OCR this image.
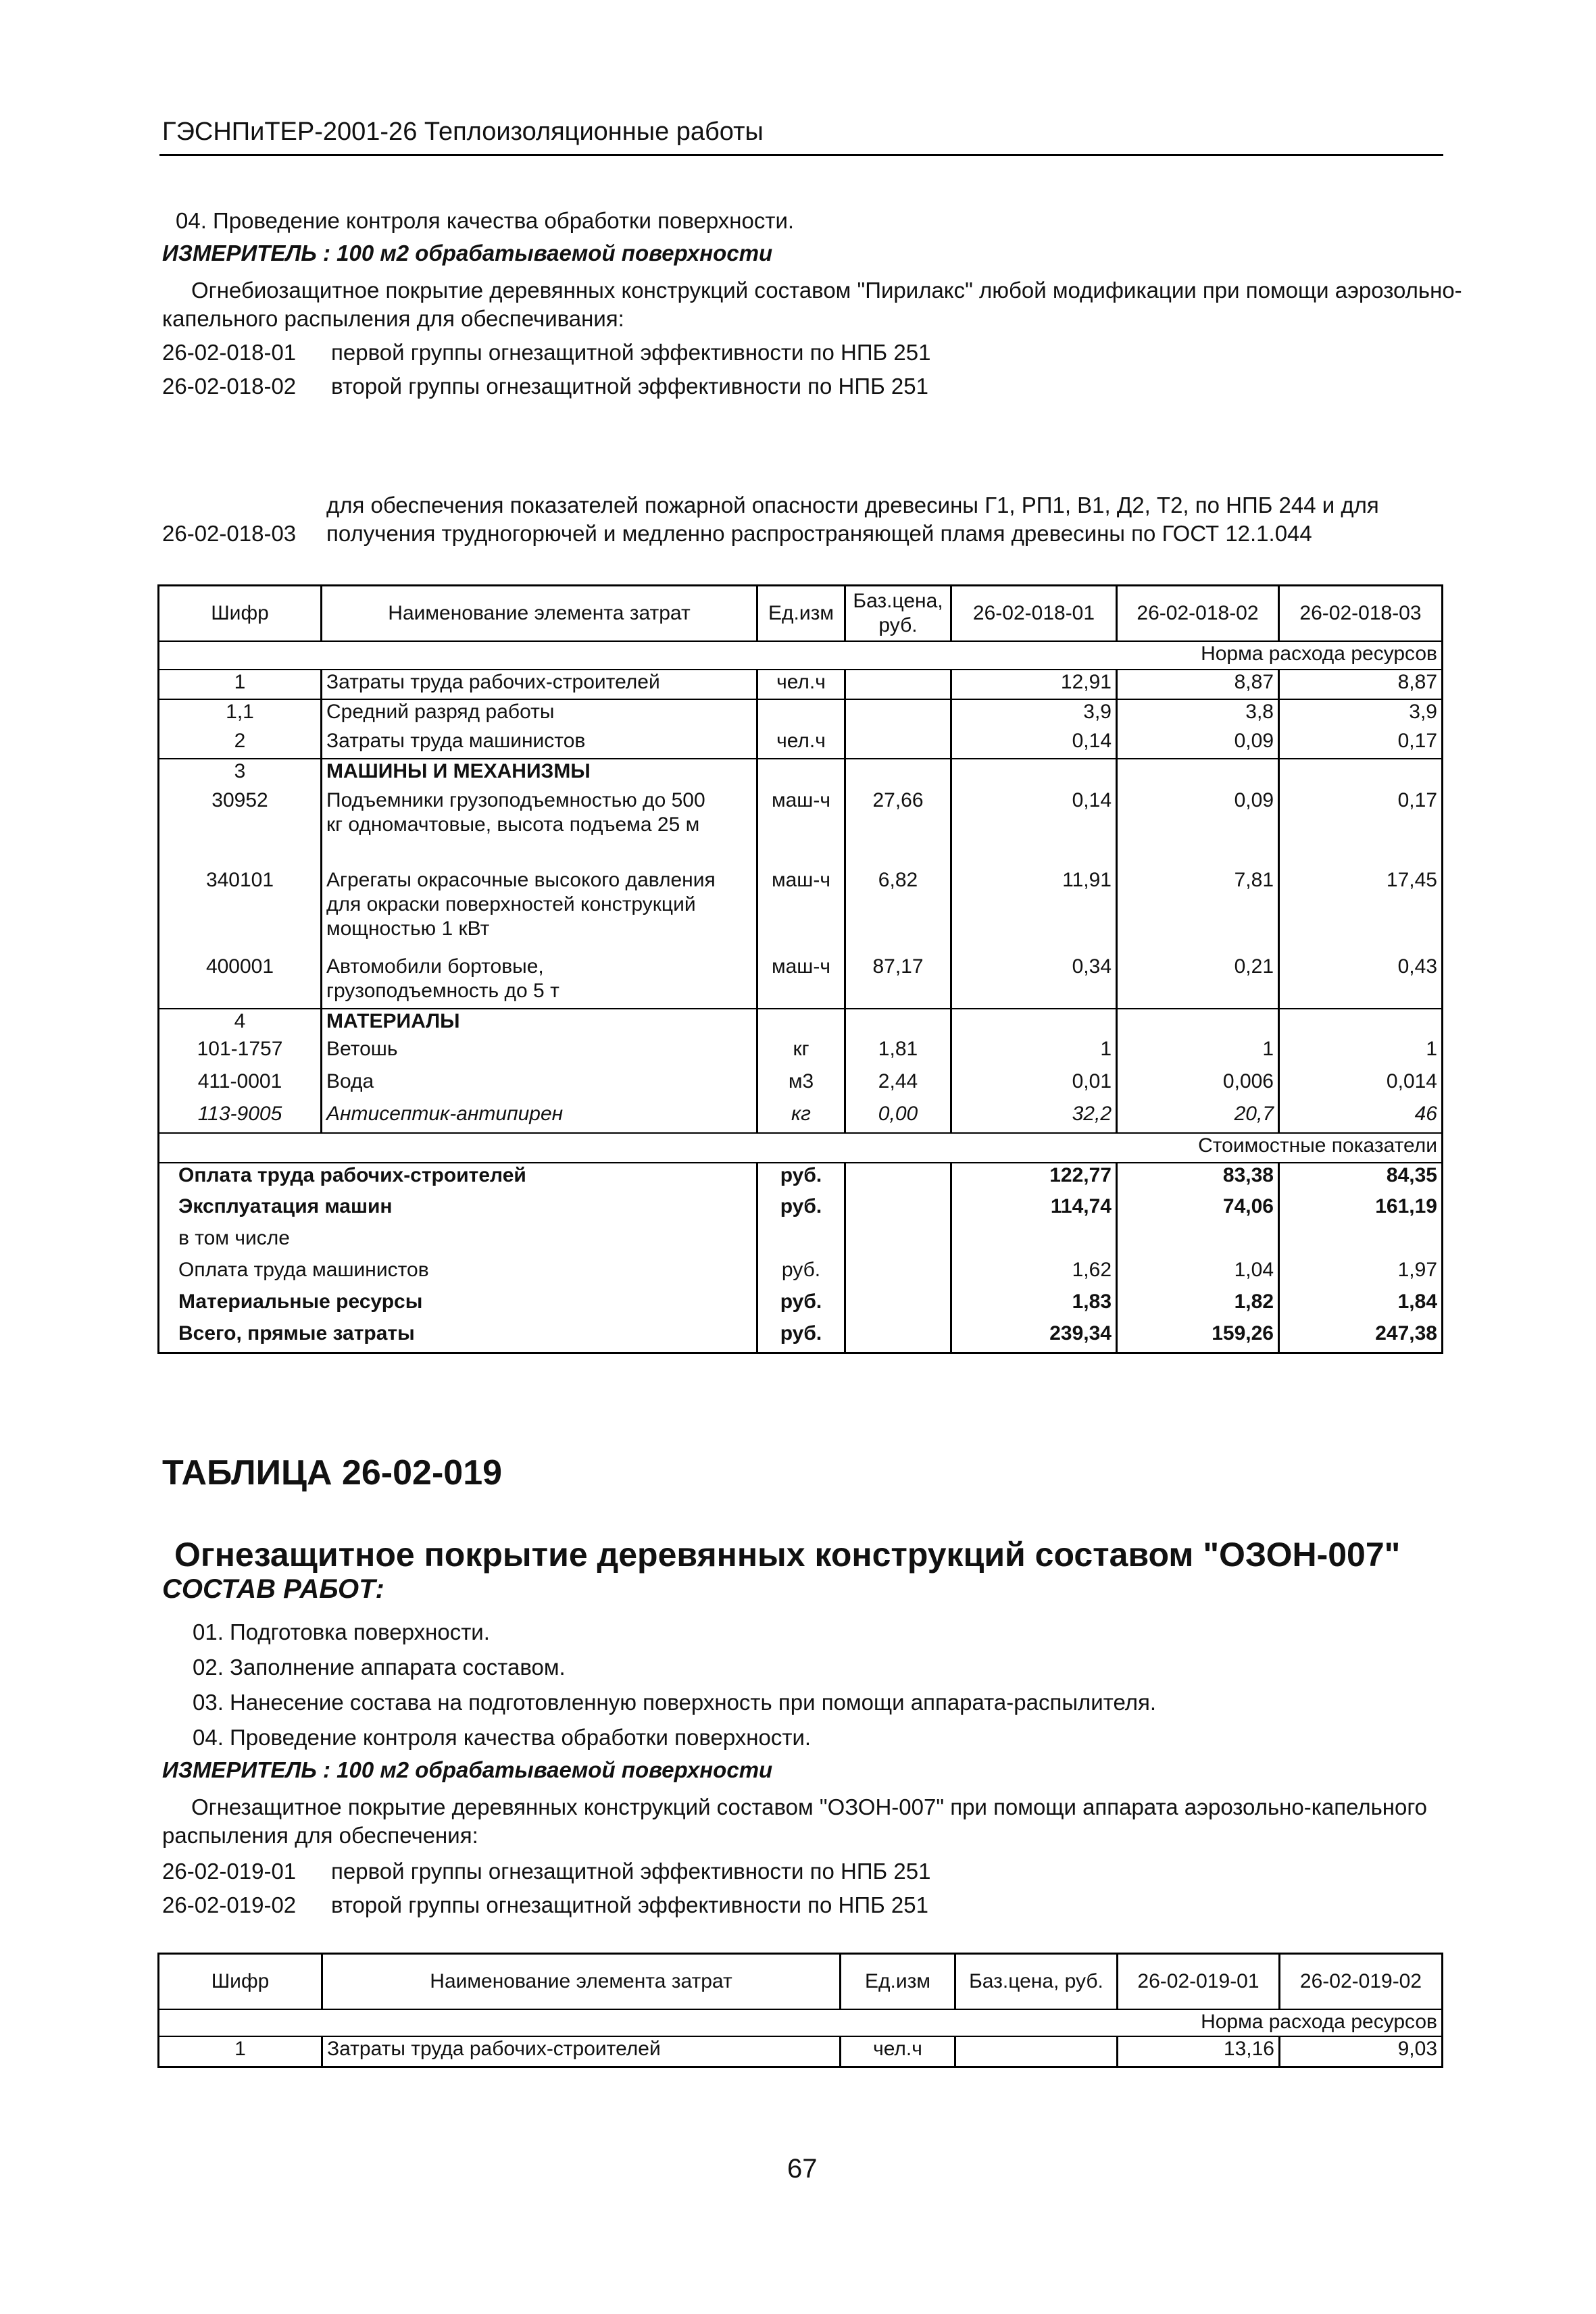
ГЭСНПиТЕР-2001-26 Теплоизоляционные работы
04. Проведение контроля качества обработки поверхности.
ИЗМЕРИТЕЛЬ : 100 м2 обрабатываемой поверхности
Огнебиозащитное покрытие деревянных конструкций составом "Пирилакс" любой модификации при помощи аэрозольно-
капельного распыления для обеспечивания:
26-02-018-01 первой группы огнезащитной эффективности по НПБ 251
26-02-018-02 второй группы огнезащитной эффективности по НПБ 251
для обеспечения показателей пожарной опасности древесины Г1, РП1, В1, Д2, Т2, по НПБ 244 и для
26-02-018-03 получения трудногорючей и медленно распространяющей пламя древесины по ГОСТ 12.1.044
Шифр	Наименование элемента затрат	Ед.изм	Баз.цена, руб.	26-02-018-01	26-02-018-02	26-02-018-03
Норма расхода ресурсов						
1	Затраты труда рабочих-строителей	чел.ч		12,91	8,87	8,87
1,1	Средний разряд работы			3,9	3,8	3,9
2	Затраты труда машинистов	чел.ч		0,14	0,09	0,17
3	МАШИНЫ И МЕХАНИЗМЫ					

30952	Подъемники грузоподъемностью до 500
кг одномачтовые, высота подъема 25 м	маш-ч	27,66	0,14	0,09	0,17
340101	Агрегаты окрасочные высокого давления
для окраски поверхностей конструкций
мощностью 1 кВт	маш-ч	6,82	11,91	7,81	17,45
400001	Автомобили бортовые,
грузоподъемность до 5 т	маш-ч	87,17	0,34	0,21	0,43
4	МАТЕРИАЛЫ					

101-1757	Ветошь	кг	1,81	1	1	1
411-0001	Вода	м3	2,44	0,01	0,006	0,014
113-9005	Антисептик-антипирен	кг	0,00	32,2	20,7	46
Стоимостные показатели						
Оплата труда рабочих-строителей		руб.		122,77	83,38	84,35
Эксплуатация машин		руб.		114,74	74,06	161,19
в том числе						
Оплата труда машинистов		руб.		1,62	1,04	1,97
Материальные ресурсы		руб.		1,83	1,82	1,84
Всего, прямые затраты		руб.		239,34	159,26	247,38
ТАБЛИЦА 26-02-019
Огнезащитное покрытие деревянных конструкций составом "ОЗОН-007"
СОСТАВ РАБОТ:
01. Подготовка поверхности.
02. Заполнение аппарата составом.
03. Нанесение состава на подготовленную поверхность при помощи аппарата-распылителя.
04. Проведение контроля качества обработки поверхности.
ИЗМЕРИТЕЛЬ : 100 м2 обрабатываемой поверхности
Огнезащитное покрытие деревянных конструкций составом "ОЗОН-007" при помощи аппарата аэрозольно-капельного
распыления для обеспечения:
26-02-019-01 первой группы огнезащитной эффективности по НПБ 251
26-02-019-02 второй группы огнезащитной эффективности по НПБ 251
Шифр	Наименование элемента затрат	Ед.изм	Баз.цена, руб.	26-02-019-01	26-02-019-02
Норма расхода ресурсов					
1	Затраты труда рабочих-строителей	чел.ч		13,16	9,03
67
